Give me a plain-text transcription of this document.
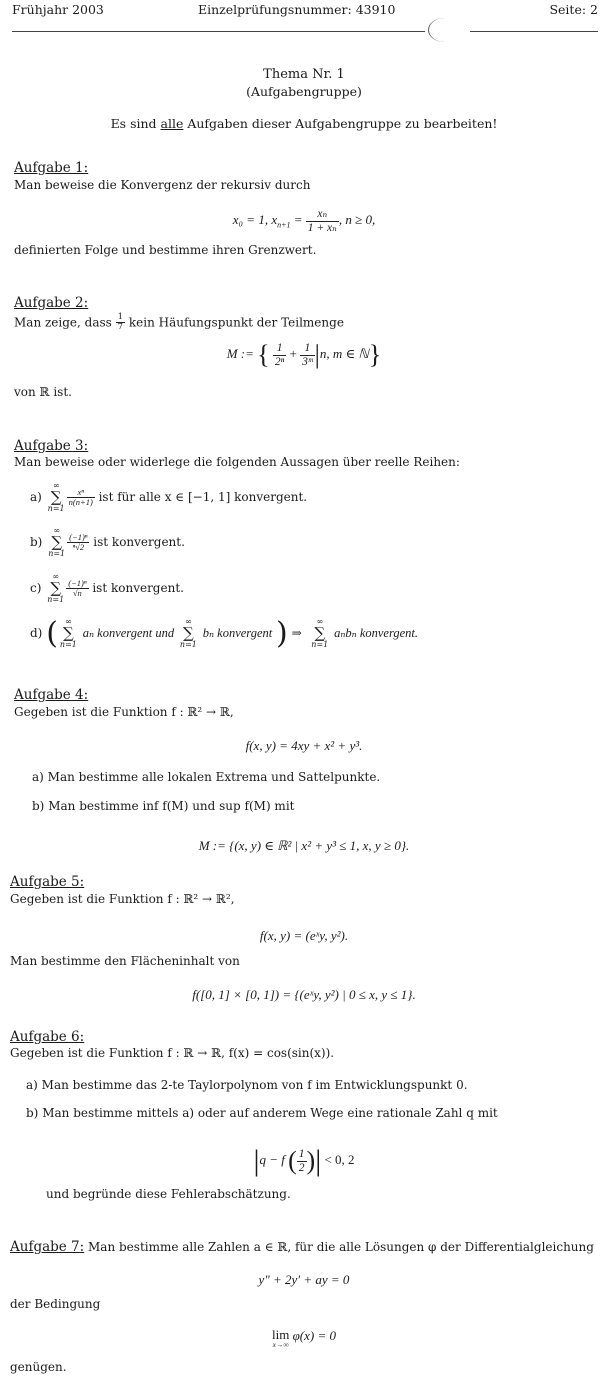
Frühjahr 2003	Einzelprüfungsnummer: 43910	Seite: 2
Thema Nr. 1
(Aufgabengruppe)
Es sind alle Aufgaben dieser Aufgabengruppe zu bearbeiten!
Aufgabe 1:
Man beweise die Konvergenz der rekursiv durch
x₀ = 1, $x_{n+1} = \frac{\text{xₙ}}{\text{1 + xₙ}}$ , n ≥ 0,
definierten Folge und bestimme ihren Grenzwert.
Aufgabe 2:
Man zeige, dass $\frac{1}{7}$ kein Häufungspunkt der Teilmenge
M := { $\frac{1}{\text{2ⁿ}} + \frac{1}{\text{3ᵐ}} |n$, m ∈ ℕ}
von ℝ ist.
Aufgabe 3:
Man beweise oder widerlege die folgenden Aussagen über reelle Reihen:
a) ∞
∑
n=1
$\frac{\text{xⁿ}}{n(n+1)}$ ist für alle x ∈ [−1, 1] konvergent.
b) ∞
∑
n=1
$\frac{\text{(−1)ⁿ}}{\text{ⁿ√2}}$ ist konvergent.
c) ∞
∑
n=1
$\frac{\text{(−1)ⁿ}}{√n}$ ist konvergent.
d) ( ∞
∑
n=1 aₙ konvergent und ∞
∑
n=1 bₙ konvergent ) ⇒  ∞
∑
n=1 aₙbₙ konvergent.
Aufgabe 4:
Gegeben ist die Funktion f : ℝ² → ℝ,
f(x, y) = 4xy + x² + y³.
a) Man bestimme alle lokalen Extrema und Sattelpunkte.
b) Man bestimme inf f(M) und sup f(M) mit
M := {(x, y) ∈ ℝ² | x² + y³ ≤ 1, x, y ≥ 0}.
Aufgabe 5:
Gegeben ist die Funktion f : ℝ² → ℝ²,
f(x, y) = (eˣy, y²).
Man bestimme den Flächeninhalt von
f([0, 1] × [0, 1]) = {(eˣy, y²) | 0 ≤ x, y ≤ 1}.
Aufgabe 6:
Gegeben ist die Funktion f : ℝ → ℝ, f(x) = cos(sin(x)).
a) Man bestimme das 2-te Taylorpolynom von f im Entwicklungspunkt 0.
b) Man bestimme mittels a) oder auf anderem Wege eine rationale Zahl q mit
|q − f ( $\frac{1}{2}$ )| < 0, 2
und begründe diese Fehlerabschätzung.
Aufgabe 7: Man bestimme alle Zahlen a ∈ ℝ, für die alle Lösungen φ der Differentialgleichung
y″ + 2y′ + ay = 0
der Bedingung
lim
x→∞
φ(x) = 0
genügen.
